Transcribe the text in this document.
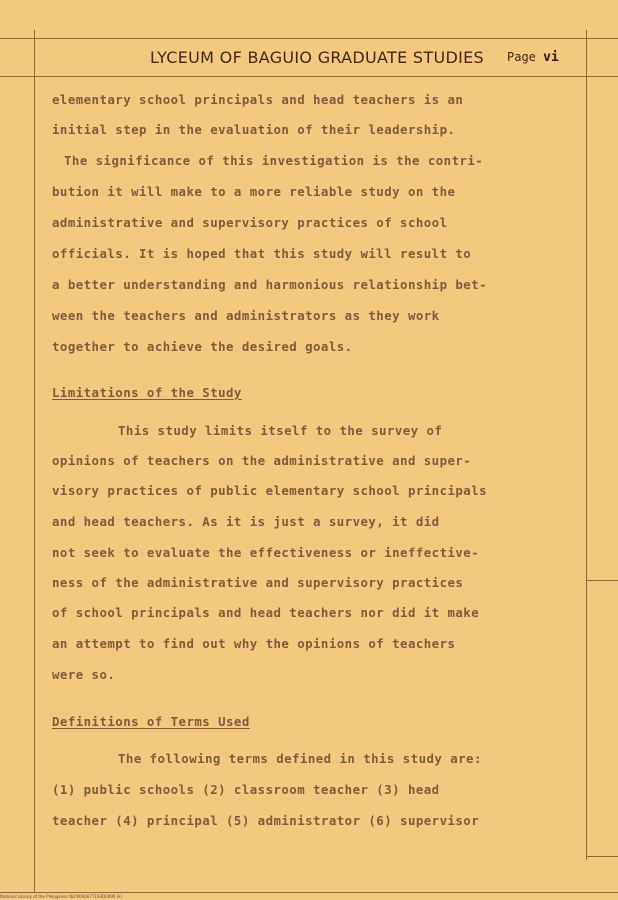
LYCEUM OF BAGUIO GRADUATE STUDIES Page vi
elementary school principals and head teachers is an
initial step in the evaluation of their leadership.
The significance of this investigation is the contri-
bution it will make to a more reliable study on the
administrative and supervisory practices of school
officials. It is hoped that this study will result to
a better understanding and harmonious relationship bet-
ween the teachers and administrators as they work
together to achieve the desired goals.
Limitations of the Study
This study limits itself to the survey of
opinions of teachers on the administrative and super-
visory practices of public elementary school principals
and head teachers. As it is just a survey, it did
not seek to evaluate the effectiveness or ineffective-
ness of the administrative and supervisory practices
of school principals and head teachers nor did it make
an attempt to find out why the opinions of teachers
were so.
Definitions of Terms Used
The following terms defined in this study are:
(1) public schools (2) classroom teacher (3) head
teacher (4) principal (5) administrator (6) supervisor
National Library of the Philippines NLP0000077193D0096 (ii)
